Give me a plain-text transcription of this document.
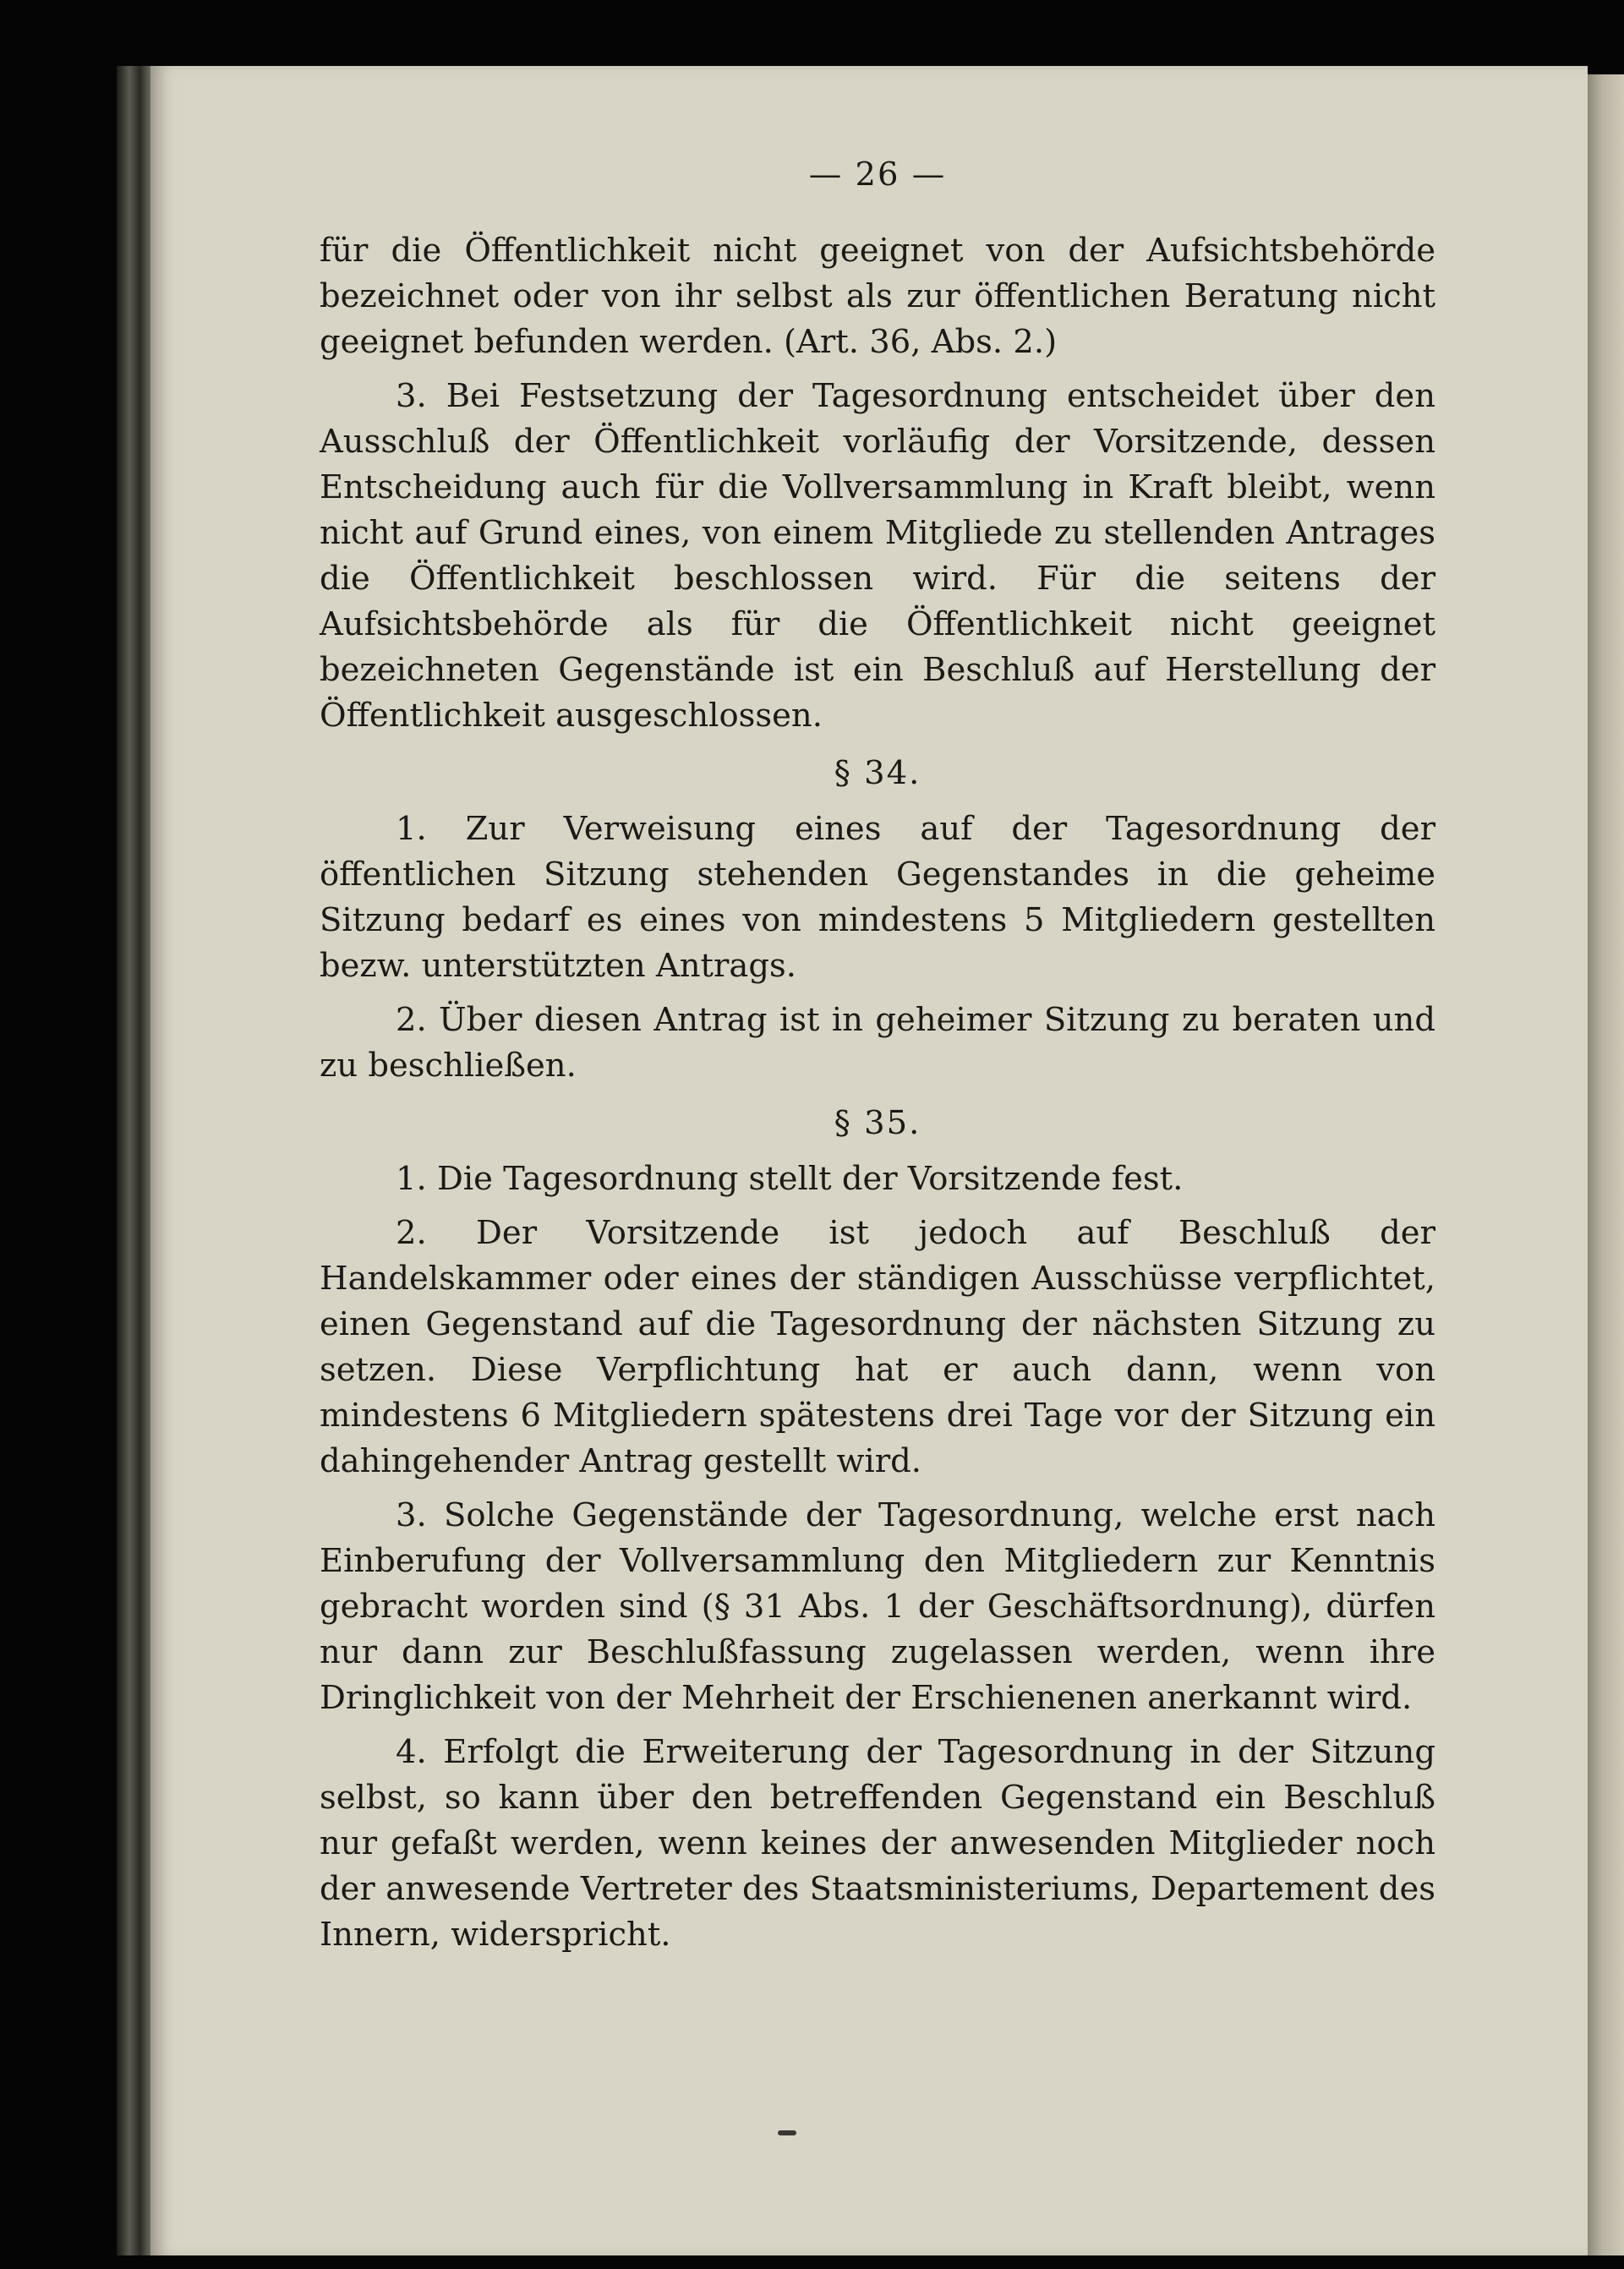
— 26 —
für die Öffentlichkeit nicht geeignet von der Aufsichtsbehörde bezeichnet oder von ihr selbst als zur öffentlichen Beratung nicht geeignet befunden werden. (Art. 36, Abs. 2.)
3. Bei Festsetzung der Tagesordnung entscheidet über den Ausschluß der Öffentlichkeit vorläufig der Vorsitzende, dessen Entscheidung auch für die Vollversammlung in Kraft bleibt, wenn nicht auf Grund eines, von einem Mitgliede zu stellenden Antrages die Öffentlichkeit beschlossen wird. Für die seitens der Aufsichtsbehörde als für die Öffentlichkeit nicht geeignet bezeichneten Gegenstände ist ein Beschluß auf Herstellung der Öffentlichkeit ausgeschlossen.
§ 34.
1. Zur Verweisung eines auf der Tagesordnung der öffentlichen Sitzung stehenden Gegenstandes in die geheime Sitzung bedarf es eines von mindestens 5 Mitgliedern gestellten bezw. unterstützten Antrags.
2. Über diesen Antrag ist in geheimer Sitzung zu beraten und zu beschließen.
§ 35.
1. Die Tagesordnung stellt der Vorsitzende fest.
2. Der Vorsitzende ist jedoch auf Beschluß der Handelskammer oder eines der ständigen Ausschüsse verpflichtet, einen Gegenstand auf die Tagesordnung der nächsten Sitzung zu setzen. Diese Verpflichtung hat er auch dann, wenn von mindestens 6 Mitgliedern spätestens drei Tage vor der Sitzung ein dahingehender Antrag gestellt wird.
3. Solche Gegenstände der Tagesordnung, welche erst nach Einberufung der Vollversammlung den Mitgliedern zur Kenntnis gebracht worden sind (§ 31 Abs. 1 der Geschäftsordnung), dürfen nur dann zur Beschlußfassung zugelassen werden, wenn ihre Dringlichkeit von der Mehrheit der Erschienenen anerkannt wird.
4. Erfolgt die Erweiterung der Tagesordnung in der Sitzung selbst, so kann über den betreffenden Gegenstand ein Beschluß nur gefaßt werden, wenn keines der anwesenden Mitglieder noch der anwesende Vertreter des Staatsministeriums, Departement des Innern, widerspricht.
